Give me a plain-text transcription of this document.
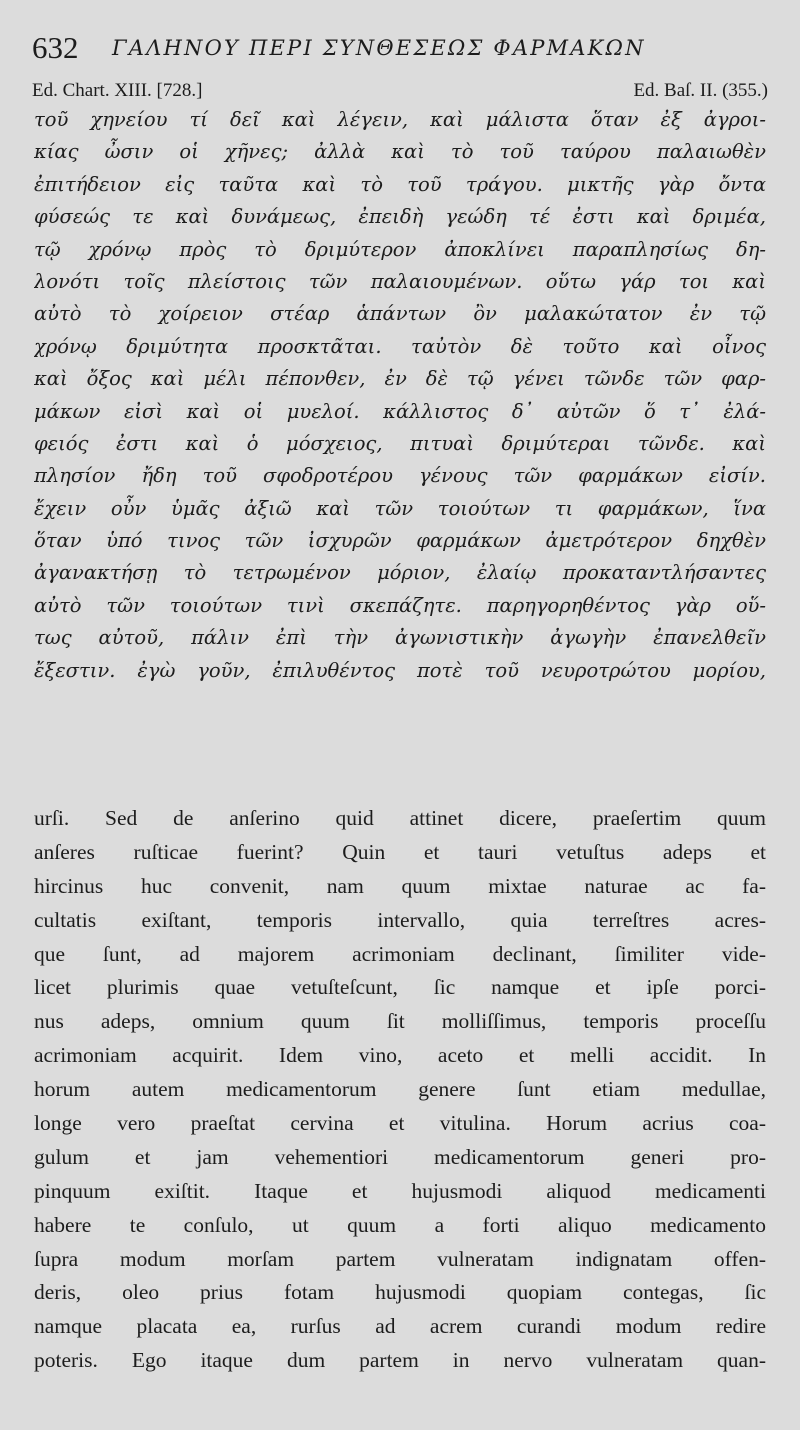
632 ΓΑΛΗΝΟΥ ΠΕΡΙ ΣΥΝΘΕΣΕΩΣ ΦΑΡΜΑΚΩΝ
Ed. Chart. XIII. [728.]	Ed. Baſ. II. (355.)
τοῦ χηνείου τί δεῖ καὶ λέγειν, καὶ μάλιστα ὅταν ἐξ ἀγροι-
κίας ὦσιν οἱ χῆνες; ἀλλὰ καὶ τὸ τοῦ ταύρου παλαιωθὲν
ἐπιτήδειον εἰς ταῦτα καὶ τὸ τοῦ τράγου. μικτῆς γὰρ ὄντα
φύσεώς τε καὶ δυνάμεως, ἐπειδὴ γεώδη τέ ἐστι καὶ δριμέα,
τῷ χρόνῳ πρὸς τὸ δριμύτερον ἀποκλίνει παραπλησίως δη-
λονότι τοῖς πλείστοις τῶν παλαιουμένων. οὕτω γάρ τοι καὶ
αὐτὸ τὸ χοίρειον στέαρ ἁπάντων ὂν μαλακώτατον ἐν τῷ
χρόνῳ δριμύτητα προσκτᾶται. ταὐτὸν δὲ τοῦτο καὶ οἶνος
καὶ ὄξος καὶ μέλι πέπονθεν, ἐν δὲ τῷ γένει τῶνδε τῶν φαρ-
μάκων εἰσὶ καὶ οἱ μυελοί. κάλλιστος δ᾽ αὐτῶν ὅ τ᾽ ἐλά-
φειός ἐστι καὶ ὁ μόσχειος, πιτυαὶ δριμύτεραι τῶνδε. καὶ
πλησίον ἤδη τοῦ σφοδροτέρου γένους τῶν φαρμάκων εἰσίν.
ἔχειν οὖν ὑμᾶς ἀξιῶ καὶ τῶν τοιούτων τι φαρμάκων, ἵνα
ὅταν ὑπό τινος τῶν ἰσχυρῶν φαρμάκων ἀμετρότερον δηχθὲν
ἀγανακτήσῃ τὸ τετρωμένον μόριον, ἐλαίῳ προκαταντλήσαντες
αὐτὸ τῶν τοιούτων τινὶ σκεπάζητε. παρηγορηθέντος γὰρ οὕ-
τως αὐτοῦ, πάλιν ἐπὶ τὴν ἀγωνιστικὴν ἀγωγὴν ἐπανελθεῖν
ἔξεστιν. ἐγὼ γοῦν, ἐπιλυθέντος ποτὲ τοῦ νευροτρώτου μορίου,
urſi. Sed de anſerino quid attinet dicere, praeſertim quum
anſeres ruſticae fuerint? Quin et tauri vetuſtus adeps et
hircinus huc convenit, nam quum mixtae naturae ac fa-
cultatis exiſtant, temporis intervallo, quia terreſtres acres-
que ſunt, ad majorem acrimoniam declinant, ſimiliter vide-
licet plurimis quae vetuſteſcunt, ſic namque et ipſe porci-
nus adeps, omnium quum ſit molliſſimus, temporis proceſſu
acrimoniam acquirit. Idem vino, aceto et melli accidit. In
horum autem medicamentorum genere ſunt etiam medullae,
longe vero praeſtat cervina et vitulina. Horum acrius coa-
gulum et jam vehementiori medicamentorum generi pro-
pinquum exiſtit. Itaque et hujusmodi aliquod medicamenti
habere te conſulo, ut quum a forti aliquo medicamento
ſupra modum morſam partem vulneratam indignatam offen-
deris, oleo prius fotam hujusmodi quopiam contegas, ſic
namque placata ea, rurſus ad acrem curandi modum redire
poteris. Ego itaque dum partem in nervo vulneratam quan-
